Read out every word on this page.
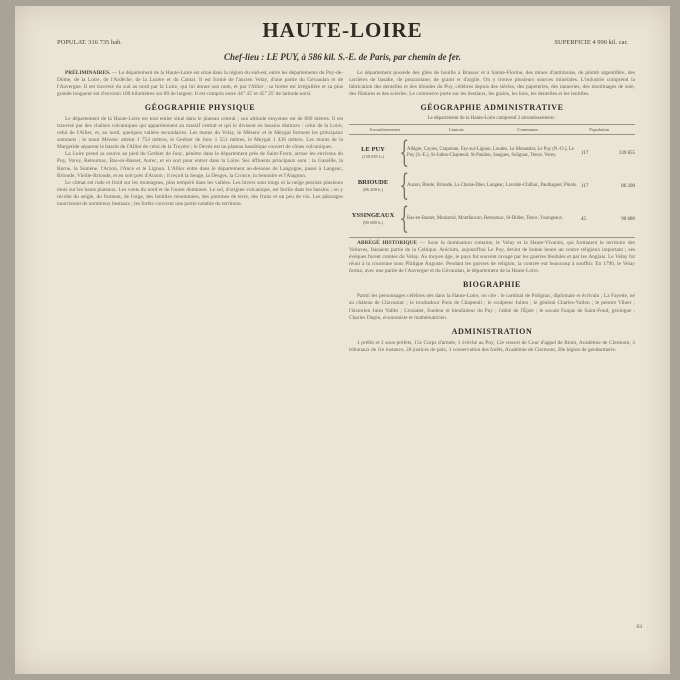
HAUTE-LOIRE
POPULAT. 316 735 hab.	SUPERFICIE 4 990 kil. car.
Chef-lieu : LE PUY, à 586 kil. S.-E. de Paris, par chemin de fer.

PRÉLIMINAIRES. — Le département de la Haute-Loire est situé dans la région du sud-est, entre les départements du Puy-de-Dôme, de la Loire, de l'Ardèche, de la Lozère et du Cantal. Il est formé de l'ancien Velay, d'une partie du Gévaudan et de l'Auvergne. Il est traversé du sud au nord par la Loire, qui lui donne son nom, et par l'Allier ; sa forme est irrégulière et sa plus grande longueur est d'environ 100 kilomètres sur 80 de largeur. Il est compris entre 44° 45' et 45° 25' de latitude nord.

GÉOGRAPHIE PHYSIQUE

Le département de la Haute-Loire est tout entier situé dans le plateau central ; son altitude moyenne est de 800 mètres. Il est traversé par des chaînes volcaniques qui appartiennent au massif central et qui le divisent en bassins distincts : celui de la Loire, celui de l'Allier, et, au nord, quelques vallées secondaires. Les monts du Velay, le Mézenc et le Meygal forment les principaux sommets ; le mont Mézenc atteint 1 754 mètres, le Gerbier de Jonc 1 551 mètres, le Meygal 1 436 mètres. Les monts de la Margeride séparent le bassin de l'Allier de celui de la Truyère ; le Devès est un plateau basaltique couvert de cônes volcaniques.

La Loire prend sa source au pied du Gerbier de Jonc, pénètre dans le département près de Saint-Front, arrose les environs du Puy, Vorey, Retournac, Bas-en-Basset, Aurec, et en sort pour entrer dans la Loire. Ses affluents principaux sont : la Gazeille, la Borne, la Sumène, l'Arzon, l'Ance et le Lignon. L'Allier entre dans le département au-dessous de Langogne, passe à Langeac, Brioude, Vieille-Brioude, et en sort près d'Auzon ; il reçoit la Seuge, la Desges, la Cronce, la Senouire et l'Alagnon.

Le climat est rude et froid sur les montagnes, plus tempéré dans les vallées. Les hivers sont longs et la neige persiste plusieurs mois sur les hauts plateaux. Les vents du nord et de l'ouest dominent. Le sol, d'origine volcanique, est fertile dans les bassins ; on y récolte du seigle, du froment, de l'orge, des lentilles renommées, des pommes de terre, des fruits et un peu de vin. Les pâturages nourrissent de nombreux bestiaux ; les forêts couvrent une partie notable du territoire.

Le département possède des gîtes de houille à Brassac et à Sainte-Florine, des mines d'antimoine, de plomb argentifère, des carrières de basalte, de pouzzolane, de granit et d'argile. On y trouve plusieurs sources minérales. L'industrie comprend la fabrication des dentelles et des blondes du Puy, célèbres depuis des siècles, des papeteries, des tanneries, des moulinages de soie, des filatures et des scieries. Le commerce porte sur les bestiaux, les grains, les bois, les dentelles et les lentilles.

GÉOGRAPHIE ADMINISTRATIVE
Le département de la Haute-Loire comprend 3 arrondissements :
Arrondissements	Cantons	Communes	Population
LE PUY
(139 855 h.) {
Allègre, Cayres, Craponne, Fay-sur-Lignon, Loudes, Le Monastier, Le Puy (N.-O.), Le Puy (S.-E.), St-Julien-Chapteuil, St-Paulien, Saugues, Solignac, Tence, Vorey.	117	139 855
BRIOUDE
(86 200 h.) {
Auzon, Blesle, Brioude, La Chaise-Dieu, Langeac, Lavoûte-Chilhac, Paulhaguet, Pinols. 117	86 200
YSSINGEAUX
(90 680 h.) {
Bas-en-Basset, Monistrol, Montfaucon, Retournac, St-Didier, Tence, Yssingeaux.	45	90 680

ABRÉGÉ HISTORIQUE — Sous la domination romaine, le Velay et la Haute-Vivarais, qui formaient le territoire des Vellaves, faisaient partie de la Celtique. Anicium, aujourd'hui Le Puy, devint de bonne heure un centre religieux important ; ses évêques furent comtes du Velay. Au moyen âge, le pays fut souvent ravagé par les guerres féodales et par les Anglais. Le Velay fut réuni à la couronne sous Philippe Auguste. Pendant les guerres de religion, la contrée eut beaucoup à souffrir. En 1790, le Velay forma, avec une partie de l'Auvergne et du Gévaudan, le département de la Haute-Loire.

BIOGRAPHIE

Parmi les personnages célèbres nés dans la Haute-Loire, on cite : le cardinal de Polignac, diplomate et écrivain ; La Fayette, né au château de Chavaniac ; le troubadour Pons de Chapteuil ; le sculpteur Julien ; le général Charles-Vallon ; le peintre Vibert ; l'historien Jules Vallès ; Crozatier, fondeur et bienfaiteur du Puy ; l'abbé de l'Épée ; le savant Faujas de Saint-Fond, géologue ; Charles Dupin, économiste et mathématicien.

ADMINISTRATION

1 préfet et 2 sous-préfets, 15e Corps d'armée, 1 évêché au Puy, 12e ressort de Cour d'appel de Riom, Académie de Clermont, 3 tribunaux de 1re instance, 28 justices de paix, 1 conservation des forêts, Académie de Clermont, 28e légion de gendarmerie.

63
